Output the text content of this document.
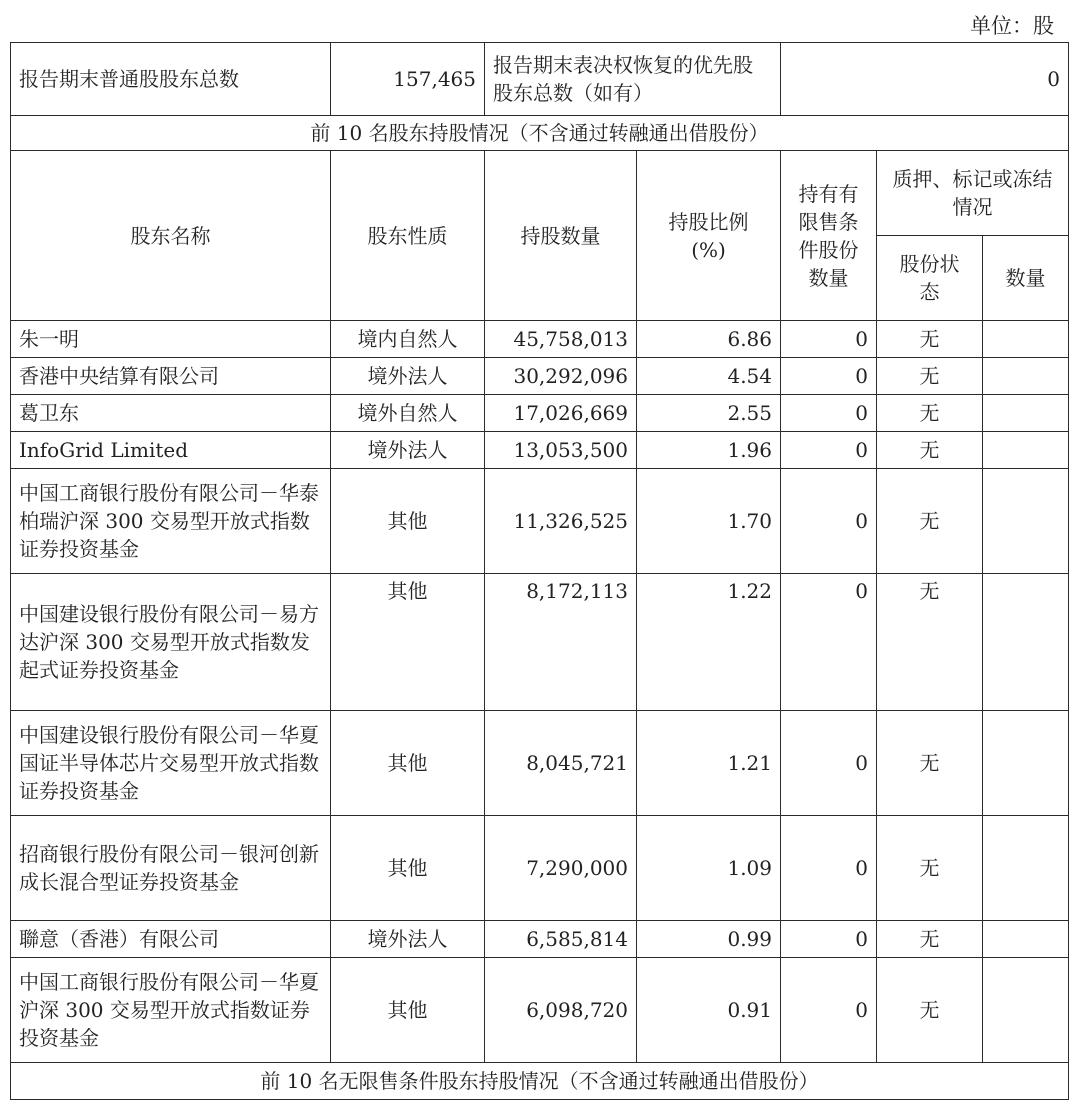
单位：股
报告期末普通股股东总数	157,465	报告期末表决权恢复的优先股股东总数（如有）		0		
前 10 名股东持股情况（不含通过转融通出借股份）						
股东名称	股东性质	持股数量	持股比例(%)	持有有限售条件股份数量	质押、标记或冻结情况	
					股份状态	数量
朱一明	境内自然人	45,758,013	6.86	0	无	
香港中央结算有限公司	境外法人	30,292,096	4.54	0	无	
葛卫东	境外自然人	17,026,669	2.55	0	无	
InfoGrid Limited	境外法人	13,053,500	1.96	0	无	
中国工商银行股份有限公司－华泰柏瑞沪深 300 交易型开放式指数证券投资基金	其他	11,326,525	1.70	0	无	
中国建设银行股份有限公司－易方达沪深 300 交易型开放式指数发起式证券投资基金	其他	8,172,113	1.22	0	无	
中国建设银行股份有限公司－华夏国证半导体芯片交易型开放式指数证券投资基金	其他	8,045,721	1.21	0	无	
招商银行股份有限公司－银河创新成长混合型证券投资基金	其他	7,290,000	1.09	0	无	
聯意（香港）有限公司	境外法人	6,585,814	0.99	0	无	
中国工商银行股份有限公司－华夏沪深 300 交易型开放式指数证券投资基金	其他	6,098,720	0.91	0	无	
前 10 名无限售条件股东持股情况（不含通过转融通出借股份）						
